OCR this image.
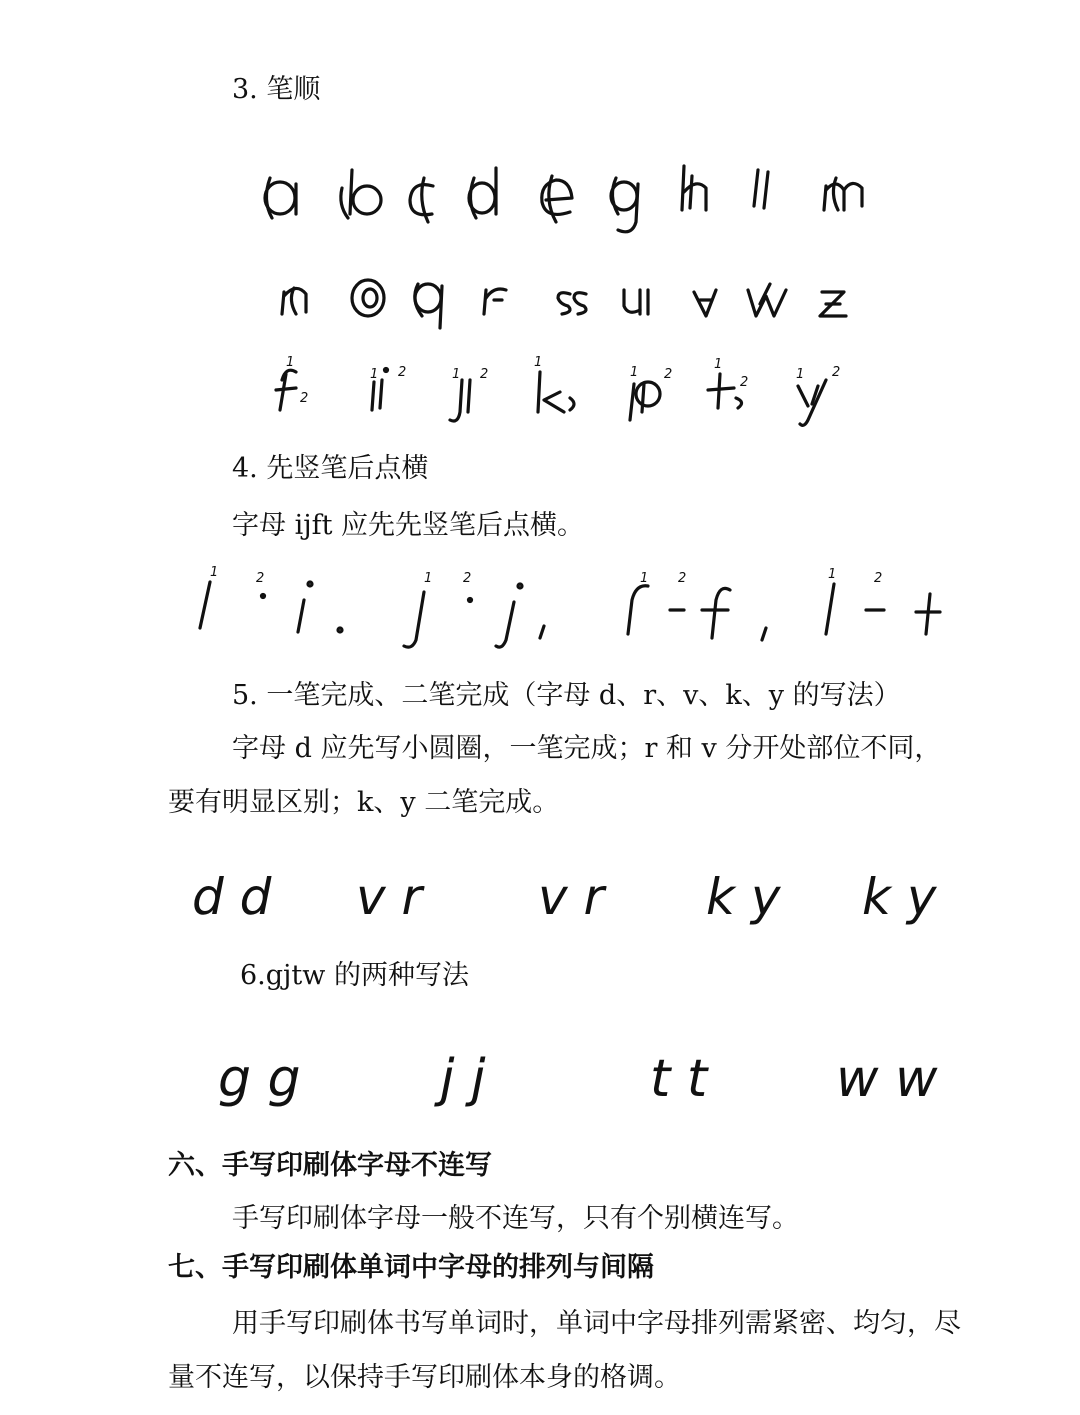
3. 笔顺
1
2
1 2	1 2
1
1 2
1
2
1 2
4. 先竖笔后点横
字母 ijft 应先先竖笔后点横。
1	2	1 2	1 2	1	2
5. 一笔完成、二笔完成（字母 d、r、v、k、y 的写法）
字母 d 应先写小圆圈，一笔完成；r 和 v 分开处部位不同，
要有明显区别；k、y 二笔完成。
d d v r v r k y k y
6.gjtw 的两种写法
g g	j j	t t w w
六、手写印刷体字母不连写
手写印刷体字母一般不连写，只有个别横连写。
七、手写印刷体单词中字母的排列与间隔
用手写印刷体书写单词时，单词中字母排列需紧密、均匀，尽
量不连写，以保持手写印刷体本身的格调。
